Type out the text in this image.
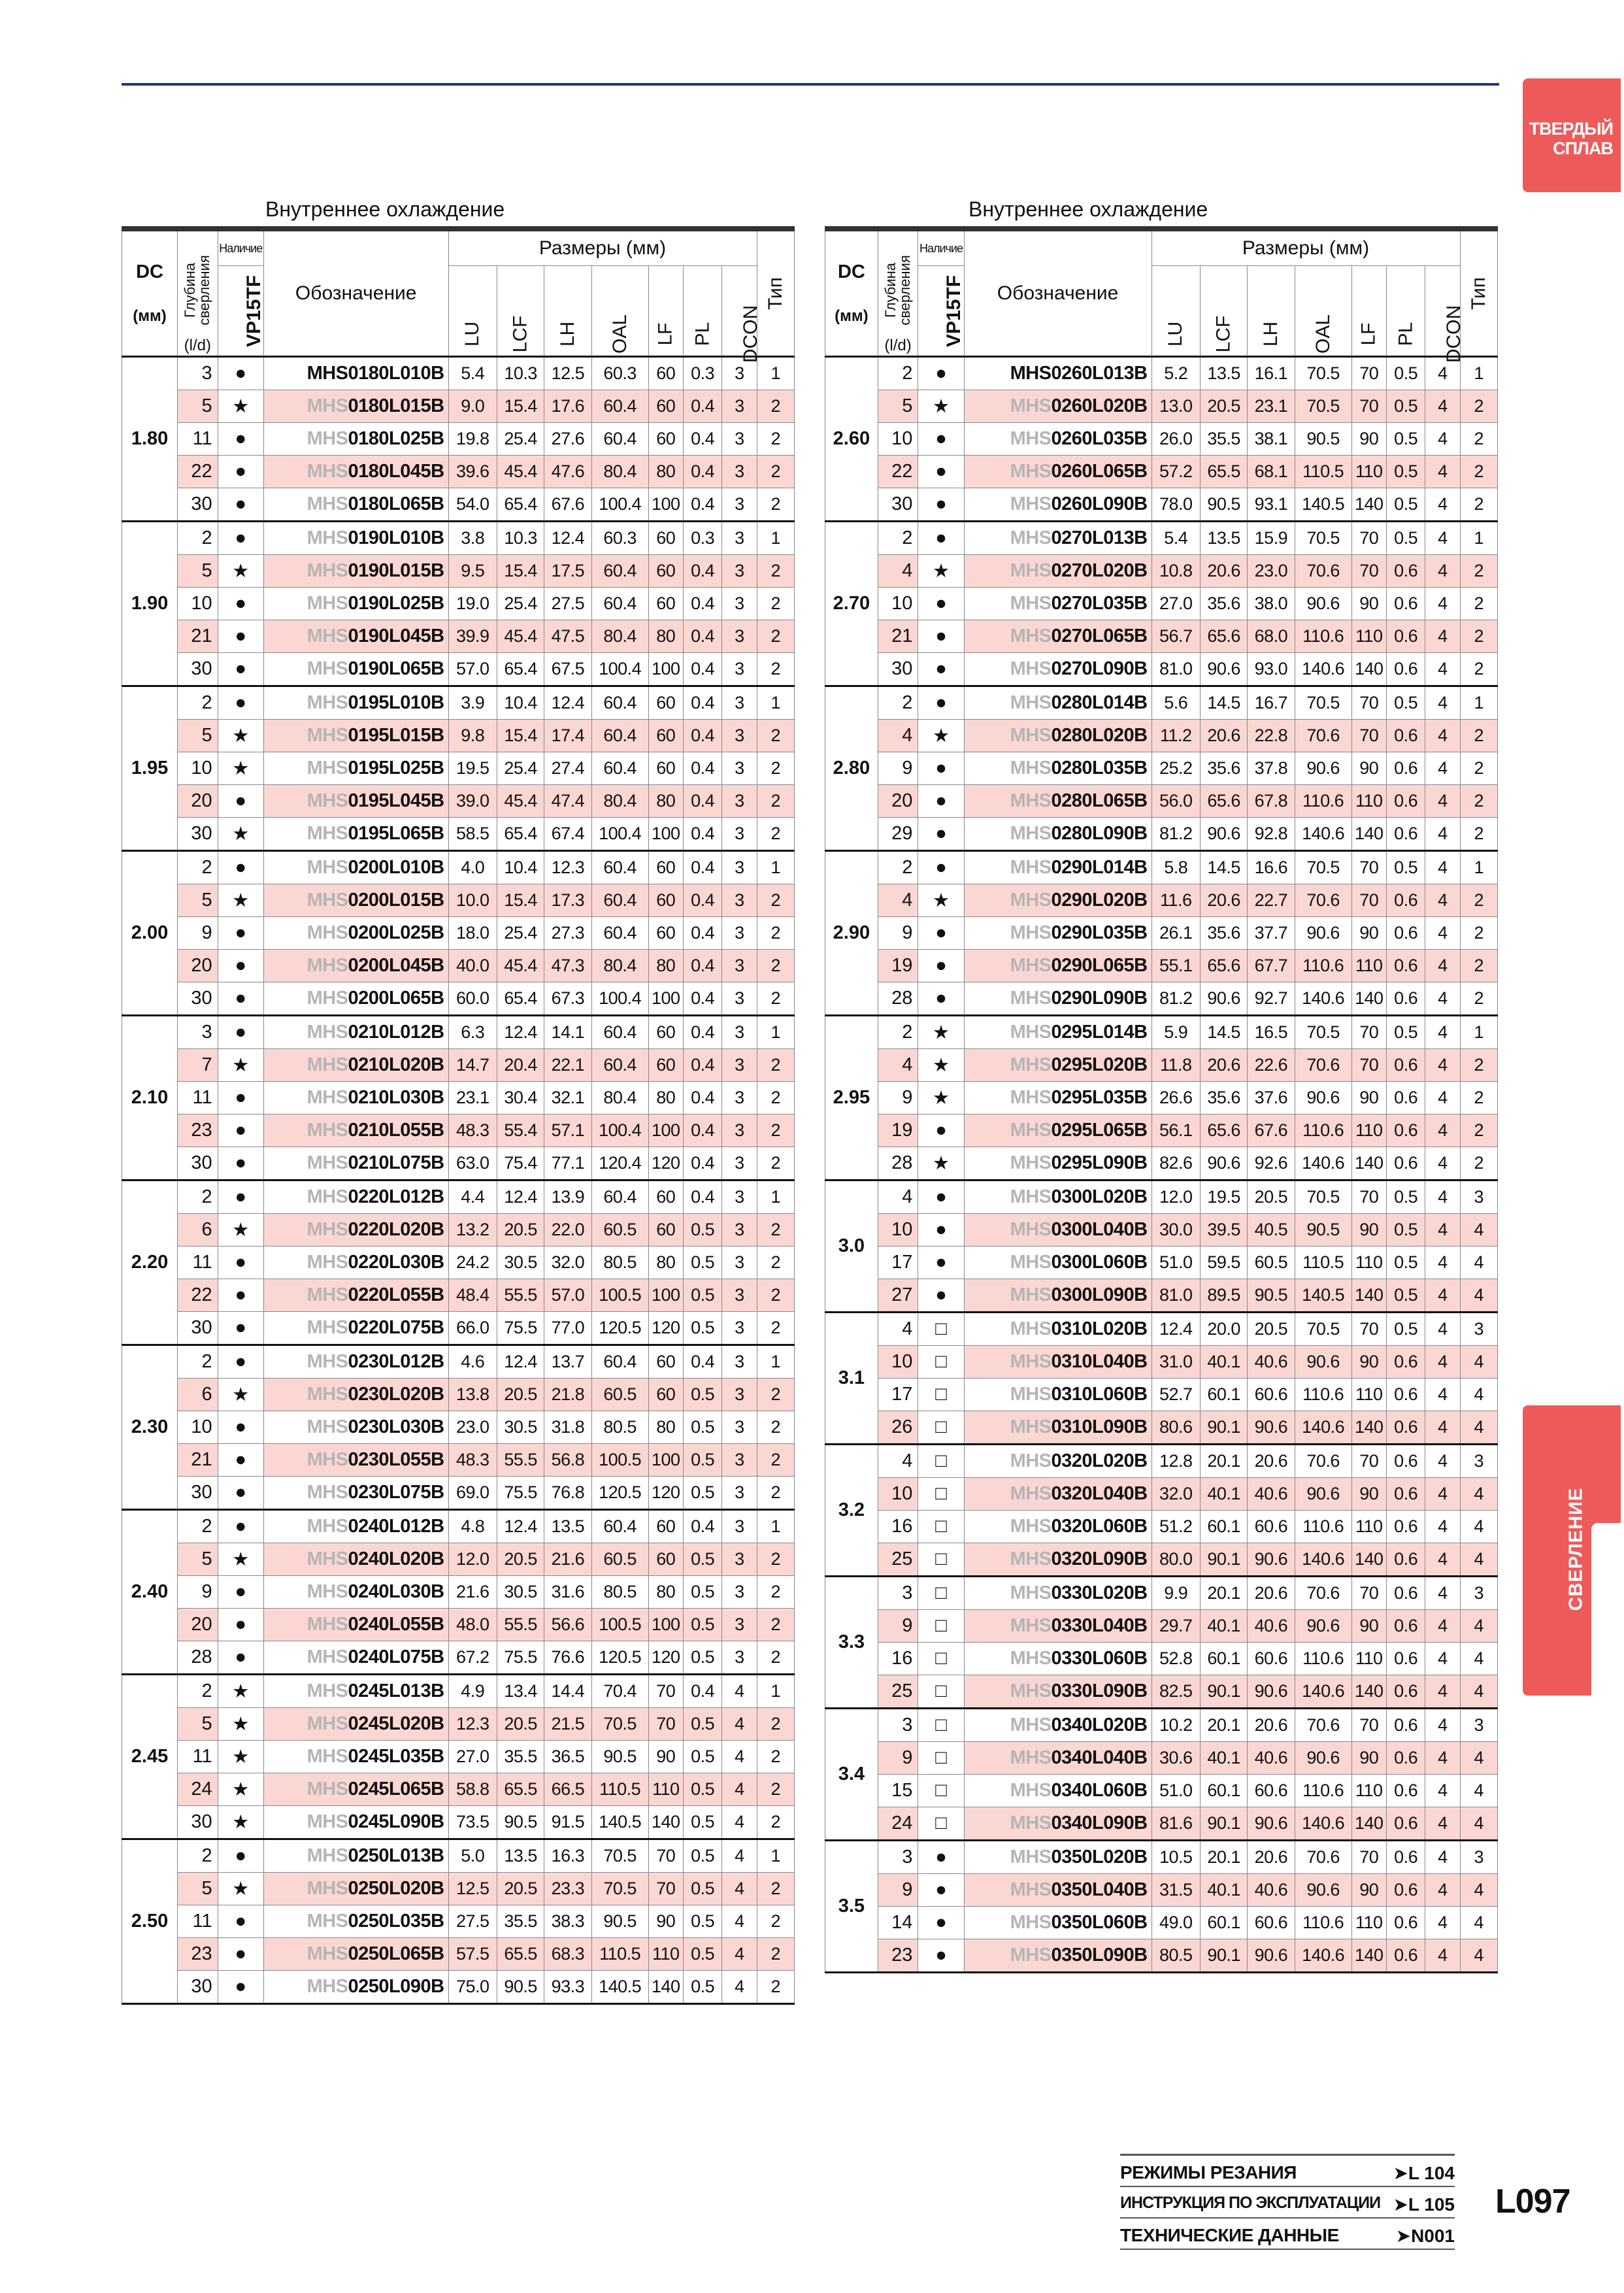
ТВЕРДЫЙ СПЛАВ
СВЕРЛЕНИЕ
Внутреннее охлаждение	Внутреннее охлаждение
DC

(мм)	Глубина сверления
(l/d)	Наличие	Обозначение	Размеры (мм)							Тип
		VP15TF		LU	LCF	LH	OAL	LF	PL	DCON	
1.80	3	●	MHS0180L010B	5.4	10.3	12.5	60.3	60	0.3	3	1
	5	★	MHS0180L015B	9.0	15.4	17.6	60.4	60	0.4	3	2
	11	●	MHS0180L025B	19.8	25.4	27.6	60.4	60	0.4	3	2
	22	●	MHS0180L045B	39.6	45.4	47.6	80.4	80	0.4	3	2
	30	●	MHS0180L065B	54.0	65.4	67.6	100.4	100	0.4	3	2
1.90	2	●	MHS0190L010B	3.8	10.3	12.4	60.3	60	0.3	3	1
	5	★	MHS0190L015B	9.5	15.4	17.5	60.4	60	0.4	3	2
	10	●	MHS0190L025B	19.0	25.4	27.5	60.4	60	0.4	3	2
	21	●	MHS0190L045B	39.9	45.4	47.5	80.4	80	0.4	3	2
	30	●	MHS0190L065B	57.0	65.4	67.5	100.4	100	0.4	3	2
1.95	2	●	MHS0195L010B	3.9	10.4	12.4	60.4	60	0.4	3	1
	5	★	MHS0195L015B	9.8	15.4	17.4	60.4	60	0.4	3	2
	10	★	MHS0195L025B	19.5	25.4	27.4	60.4	60	0.4	3	2
	20	●	MHS0195L045B	39.0	45.4	47.4	80.4	80	0.4	3	2
	30	★	MHS0195L065B	58.5	65.4	67.4	100.4	100	0.4	3	2
2.00	2	●	MHS0200L010B	4.0	10.4	12.3	60.4	60	0.4	3	1
	5	★	MHS0200L015B	10.0	15.4	17.3	60.4	60	0.4	3	2
	9	●	MHS0200L025B	18.0	25.4	27.3	60.4	60	0.4	3	2
	20	●	MHS0200L045B	40.0	45.4	47.3	80.4	80	0.4	3	2
	30	●	MHS0200L065B	60.0	65.4	67.3	100.4	100	0.4	3	2
2.10	3	●	MHS0210L012B	6.3	12.4	14.1	60.4	60	0.4	3	1
	7	★	MHS0210L020B	14.7	20.4	22.1	60.4	60	0.4	3	2
	11	●	MHS0210L030B	23.1	30.4	32.1	80.4	80	0.4	3	2
	23	●	MHS0210L055B	48.3	55.4	57.1	100.4	100	0.4	3	2
	30	●	MHS0210L075B	63.0	75.4	77.1	120.4	120	0.4	3	2
2.20	2	●	MHS0220L012B	4.4	12.4	13.9	60.4	60	0.4	3	1
	6	★	MHS0220L020B	13.2	20.5	22.0	60.5	60	0.5	3	2
	11	●	MHS0220L030B	24.2	30.5	32.0	80.5	80	0.5	3	2
	22	●	MHS0220L055B	48.4	55.5	57.0	100.5	100	0.5	3	2
	30	●	MHS0220L075B	66.0	75.5	77.0	120.5	120	0.5	3	2
2.30	2	●	MHS0230L012B	4.6	12.4	13.7	60.4	60	0.4	3	1
	6	★	MHS0230L020B	13.8	20.5	21.8	60.5	60	0.5	3	2
	10	●	MHS0230L030B	23.0	30.5	31.8	80.5	80	0.5	3	2
	21	●	MHS0230L055B	48.3	55.5	56.8	100.5	100	0.5	3	2
	30	●	MHS0230L075B	69.0	75.5	76.8	120.5	120	0.5	3	2
2.40	2	●	MHS0240L012B	4.8	12.4	13.5	60.4	60	0.4	3	1
	5	★	MHS0240L020B	12.0	20.5	21.6	60.5	60	0.5	3	2
	9	●	MHS0240L030B	21.6	30.5	31.6	80.5	80	0.5	3	2
	20	●	MHS0240L055B	48.0	55.5	56.6	100.5	100	0.5	3	2
	28	●	MHS0240L075B	67.2	75.5	76.6	120.5	120	0.5	3	2
2.45	2	★	MHS0245L013B	4.9	13.4	14.4	70.4	70	0.4	4	1
	5	★	MHS0245L020B	12.3	20.5	21.5	70.5	70	0.5	4	2
	11	★	MHS0245L035B	27.0	35.5	36.5	90.5	90	0.5	4	2
	24	★	MHS0245L065B	58.8	65.5	66.5	110.5	110	0.5	4	2
	30	★	MHS0245L090B	73.5	90.5	91.5	140.5	140	0.5	4	2
2.50	2	●	MHS0250L013B	5.0	13.5	16.3	70.5	70	0.5	4	1
	5	★	MHS0250L020B	12.5	20.5	23.3	70.5	70	0.5	4	2
	11	●	MHS0250L035B	27.5	35.5	38.3	90.5	90	0.5	4	2
	23	●	MHS0250L065B	57.5	65.5	68.3	110.5	110	0.5	4	2
	30	●	MHS0250L090B	75.0	90.5	93.3	140.5	140	0.5	4	2
DC

(мм)	Глубина сверления
(l/d)	Наличие	Обозначение	Размеры (мм)							Тип
		VP15TF		LU	LCF	LH	OAL	LF	PL	DCON	
2.60	2	●	MHS0260L013B	5.2	13.5	16.1	70.5	70	0.5	4	1
	5	★	MHS0260L020B	13.0	20.5	23.1	70.5	70	0.5	4	2
	10	●	MHS0260L035B	26.0	35.5	38.1	90.5	90	0.5	4	2
	22	●	MHS0260L065B	57.2	65.5	68.1	110.5	110	0.5	4	2
	30	●	MHS0260L090B	78.0	90.5	93.1	140.5	140	0.5	4	2
2.70	2	●	MHS0270L013B	5.4	13.5	15.9	70.5	70	0.5	4	1
	4	★	MHS0270L020B	10.8	20.6	23.0	70.6	70	0.6	4	2
	10	●	MHS0270L035B	27.0	35.6	38.0	90.6	90	0.6	4	2
	21	●	MHS0270L065B	56.7	65.6	68.0	110.6	110	0.6	4	2
	30	●	MHS0270L090B	81.0	90.6	93.0	140.6	140	0.6	4	2
2.80	2	●	MHS0280L014B	5.6	14.5	16.7	70.5	70	0.5	4	1
	4	★	MHS0280L020B	11.2	20.6	22.8	70.6	70	0.6	4	2
	9	●	MHS0280L035B	25.2	35.6	37.8	90.6	90	0.6	4	2
	20	●	MHS0280L065B	56.0	65.6	67.8	110.6	110	0.6	4	2
	29	●	MHS0280L090B	81.2	90.6	92.8	140.6	140	0.6	4	2
2.90	2	●	MHS0290L014B	5.8	14.5	16.6	70.5	70	0.5	4	1
	4	★	MHS0290L020B	11.6	20.6	22.7	70.6	70	0.6	4	2
	9	●	MHS0290L035B	26.1	35.6	37.7	90.6	90	0.6	4	2
	19	●	MHS0290L065B	55.1	65.6	67.7	110.6	110	0.6	4	2
	28	●	MHS0290L090B	81.2	90.6	92.7	140.6	140	0.6	4	2
2.95	2	★	MHS0295L014B	5.9	14.5	16.5	70.5	70	0.5	4	1
	4	★	MHS0295L020B	11.8	20.6	22.6	70.6	70	0.6	4	2
	9	★	MHS0295L035B	26.6	35.6	37.6	90.6	90	0.6	4	2
	19	●	MHS0295L065B	56.1	65.6	67.6	110.6	110	0.6	4	2
	28	★	MHS0295L090B	82.6	90.6	92.6	140.6	140	0.6	4	2
3.0	4	●	MHS0300L020B	12.0	19.5	20.5	70.5	70	0.5	4	3
	10	●	MHS0300L040B	30.0	39.5	40.5	90.5	90	0.5	4	4
	17	●	MHS0300L060B	51.0	59.5	60.5	110.5	110	0.5	4	4
	27	●	MHS0300L090B	81.0	89.5	90.5	140.5	140	0.5	4	4
3.1	4	□	MHS0310L020B	12.4	20.0	20.5	70.5	70	0.5	4	3
	10	□	MHS0310L040B	31.0	40.1	40.6	90.6	90	0.6	4	4
	17	□	MHS0310L060B	52.7	60.1	60.6	110.6	110	0.6	4	4
	26	□	MHS0310L090B	80.6	90.1	90.6	140.6	140	0.6	4	4
3.2	4	□	MHS0320L020B	12.8	20.1	20.6	70.6	70	0.6	4	3
	10	□	MHS0320L040B	32.0	40.1	40.6	90.6	90	0.6	4	4
	16	□	MHS0320L060B	51.2	60.1	60.6	110.6	110	0.6	4	4
	25	□	MHS0320L090B	80.0	90.1	90.6	140.6	140	0.6	4	4
3.3	3	□	MHS0330L020B	9.9	20.1	20.6	70.6	70	0.6	4	3
	9	□	MHS0330L040B	29.7	40.1	40.6	90.6	90	0.6	4	4
	16	□	MHS0330L060B	52.8	60.1	60.6	110.6	110	0.6	4	4
	25	□	MHS0330L090B	82.5	90.1	90.6	140.6	140	0.6	4	4
3.4	3	□	MHS0340L020B	10.2	20.1	20.6	70.6	70	0.6	4	3
	9	□	MHS0340L040B	30.6	40.1	40.6	90.6	90	0.6	4	4
	15	□	MHS0340L060B	51.0	60.1	60.6	110.6	110	0.6	4	4
	24	□	MHS0340L090B	81.6	90.1	90.6	140.6	140	0.6	4	4
3.5	3	●	MHS0350L020B	10.5	20.1	20.6	70.6	70	0.6	4	3
	9	●	MHS0350L040B	31.5	40.1	40.6	90.6	90	0.6	4	4
	14	●	MHS0350L060B	49.0	60.1	60.6	110.6	110	0.6	4	4
	23	●	MHS0350L090B	80.5	90.1	90.6	140.6	140	0.6	4	4
РЕЖИМЫ РЕЗАНИЯ	➤L 104
ИНСТРУКЦИЯ ПО ЭКСПЛУАТАЦИИ ➤L 105
ТЕХНИЧЕСКИЕ ДАННЫЕ	➤N001
L097
